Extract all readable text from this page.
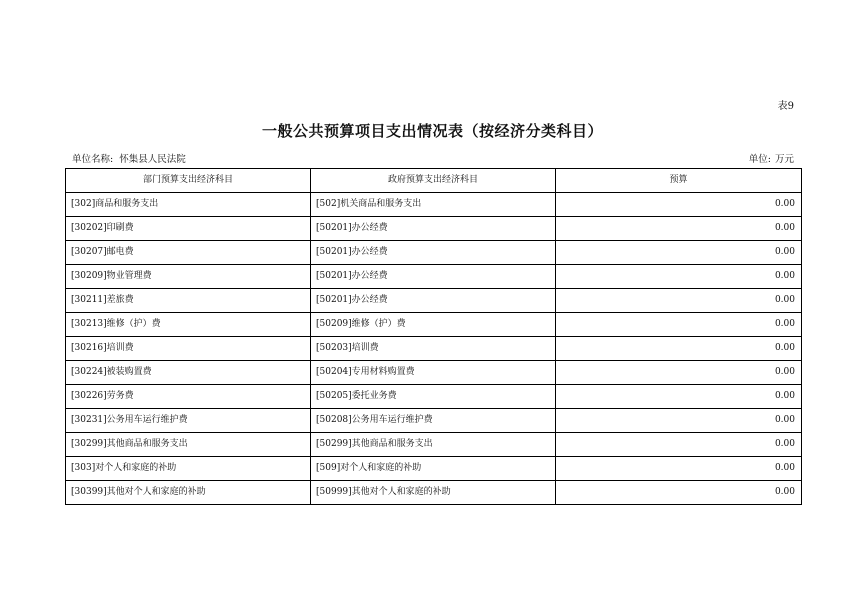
表9
一般公共预算项目支出情况表（按经济分类科目）
单位名称: 怀集县人民法院	单位: 万元
部门预算支出经济科目	政府预算支出经济科目	预算
[302]商品和服务支出	[502]机关商品和服务支出	0.00
[30202]印刷费	[50201]办公经费	0.00
[30207]邮电费	[50201]办公经费	0.00
[30209]物业管理费	[50201]办公经费	0.00
[30211]差旅费	[50201]办公经费	0.00
[30213]维修（护）费	[50209]维修（护）费	0.00
[30216]培训费	[50203]培训费	0.00
[30224]被装购置费	[50204]专用材料购置费	0.00
[30226]劳务费	[50205]委托业务费	0.00
[30231]公务用车运行维护费	[50208]公务用车运行维护费	0.00
[30299]其他商品和服务支出	[50299]其他商品和服务支出	0.00
[303]对个人和家庭的补助	[509]对个人和家庭的补助	0.00
[30399]其他对个人和家庭的补助	[50999]其他对个人和家庭的补助	0.00
